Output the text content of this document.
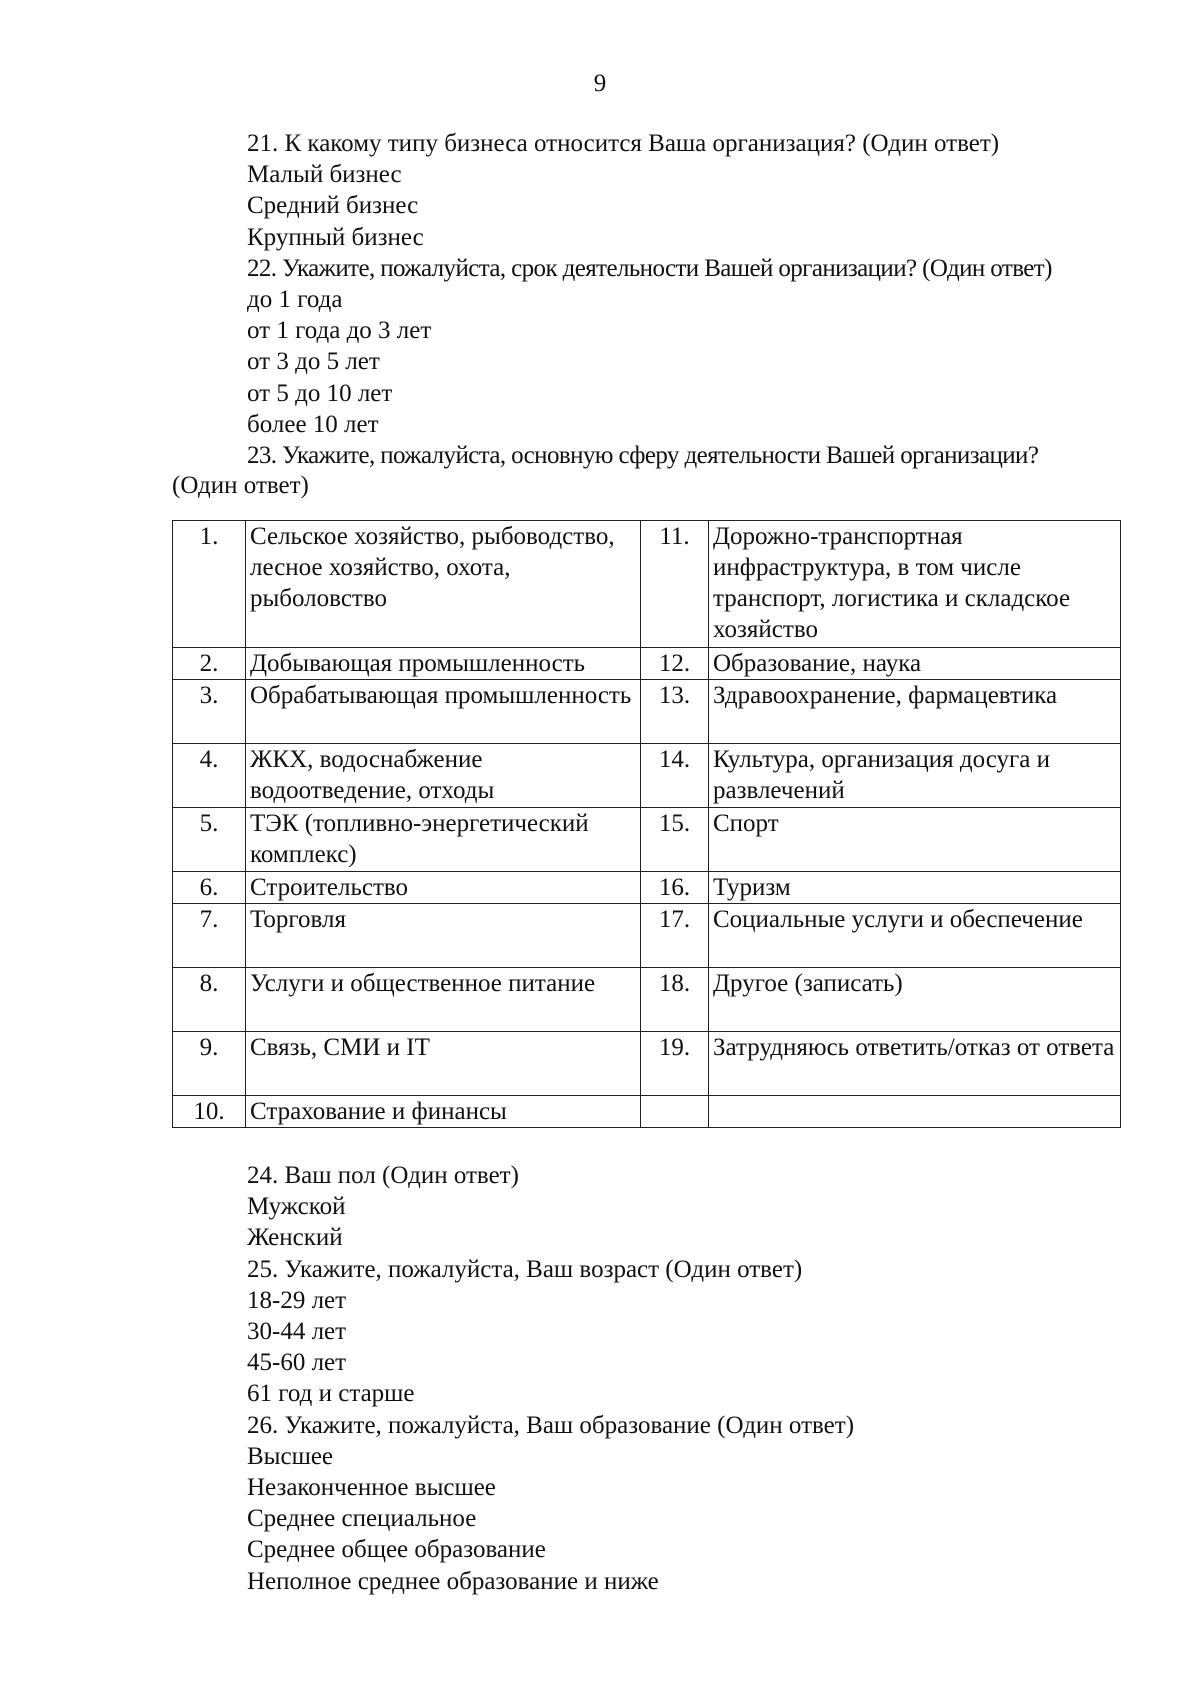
9
21. К какому типу бизнеса относится Ваша организация? (Один ответ)
Малый бизнес
Средний бизнес
Крупный бизнес
22. Укажите, пожалуйста, срок деятельности Вашей организации? (Один ответ)
до 1 года
от 1 года до 3 лет
от 3 до 5 лет
от 5 до 10 лет
более 10 лет
23. Укажите, пожалуйста, основную сферу деятельности Вашей организации?
(Один ответ)
1.	Сельское хозяйство, рыбоводство, лесное хозяйство, охота, рыболовство	11.	Дорожно-транспортная инфраструктура, в том числе транспорт, логистика и складское хозяйство
2.	Добывающая промышленность	12.	Образование, наука
3.	Обрабатывающая промышленность	13.	Здравоохранение, фармацевтика
4.	ЖКХ, водоснабжение водоотведение, отходы	14.	Культура, организация досуга и развлечений
5.	ТЭК (топливно-энергетический комплекс)	15.	Спорт
6.	Строительство	16.	Туризм
7.	Торговля	17.	Социальные услуги и обеспечение
8.	Услуги и общественное питание	18.	Другое (записать)
9.	Связь, СМИ и IT	19.	Затрудняюсь ответить/отказ от ответа
10.	Страхование и финансы		
24. Ваш пол (Один ответ)
Мужской
Женский
25. Укажите, пожалуйста, Ваш возраст (Один ответ)
18-29 лет
30-44 лет
45-60 лет
61 год и старше
26. Укажите, пожалуйста, Ваш образование (Один ответ)
Высшее
Незаконченное высшее
Среднее специальное
Среднее общее образование
Неполное среднее образование и ниже
